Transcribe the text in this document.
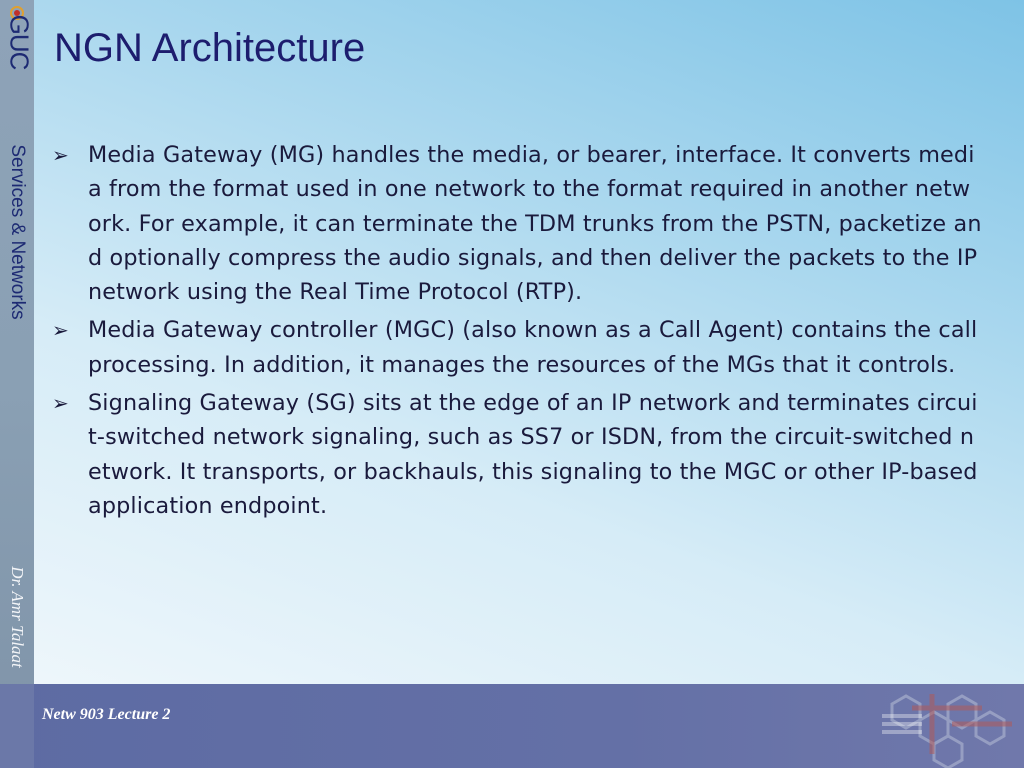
GUC
Services & Networks
Dr. Amr Talaat
NGN Architecture
➢ Media Gateway (MG) handles the media, or bearer, interface. It converts media from the format used in one network to the format required in another network. For example, it can terminate the TDM trunks from the PSTN, packetize and optionally compress the audio signals, and then deliver the packets to the IP network using the Real Time Protocol (RTP).
➢ Media Gateway controller (MGC) (also known as a Call Agent) contains the call processing. In addition, it manages the resources of the MGs that it controls.
➢ Signaling Gateway (SG) sits at the edge of an IP network and terminates circuit-switched network signaling, such as SS7 or ISDN, from the circuit-switched network. It transports, or backhauls, this signaling to the MGC or other IP-based application endpoint.
Netw 903 Lecture 2
